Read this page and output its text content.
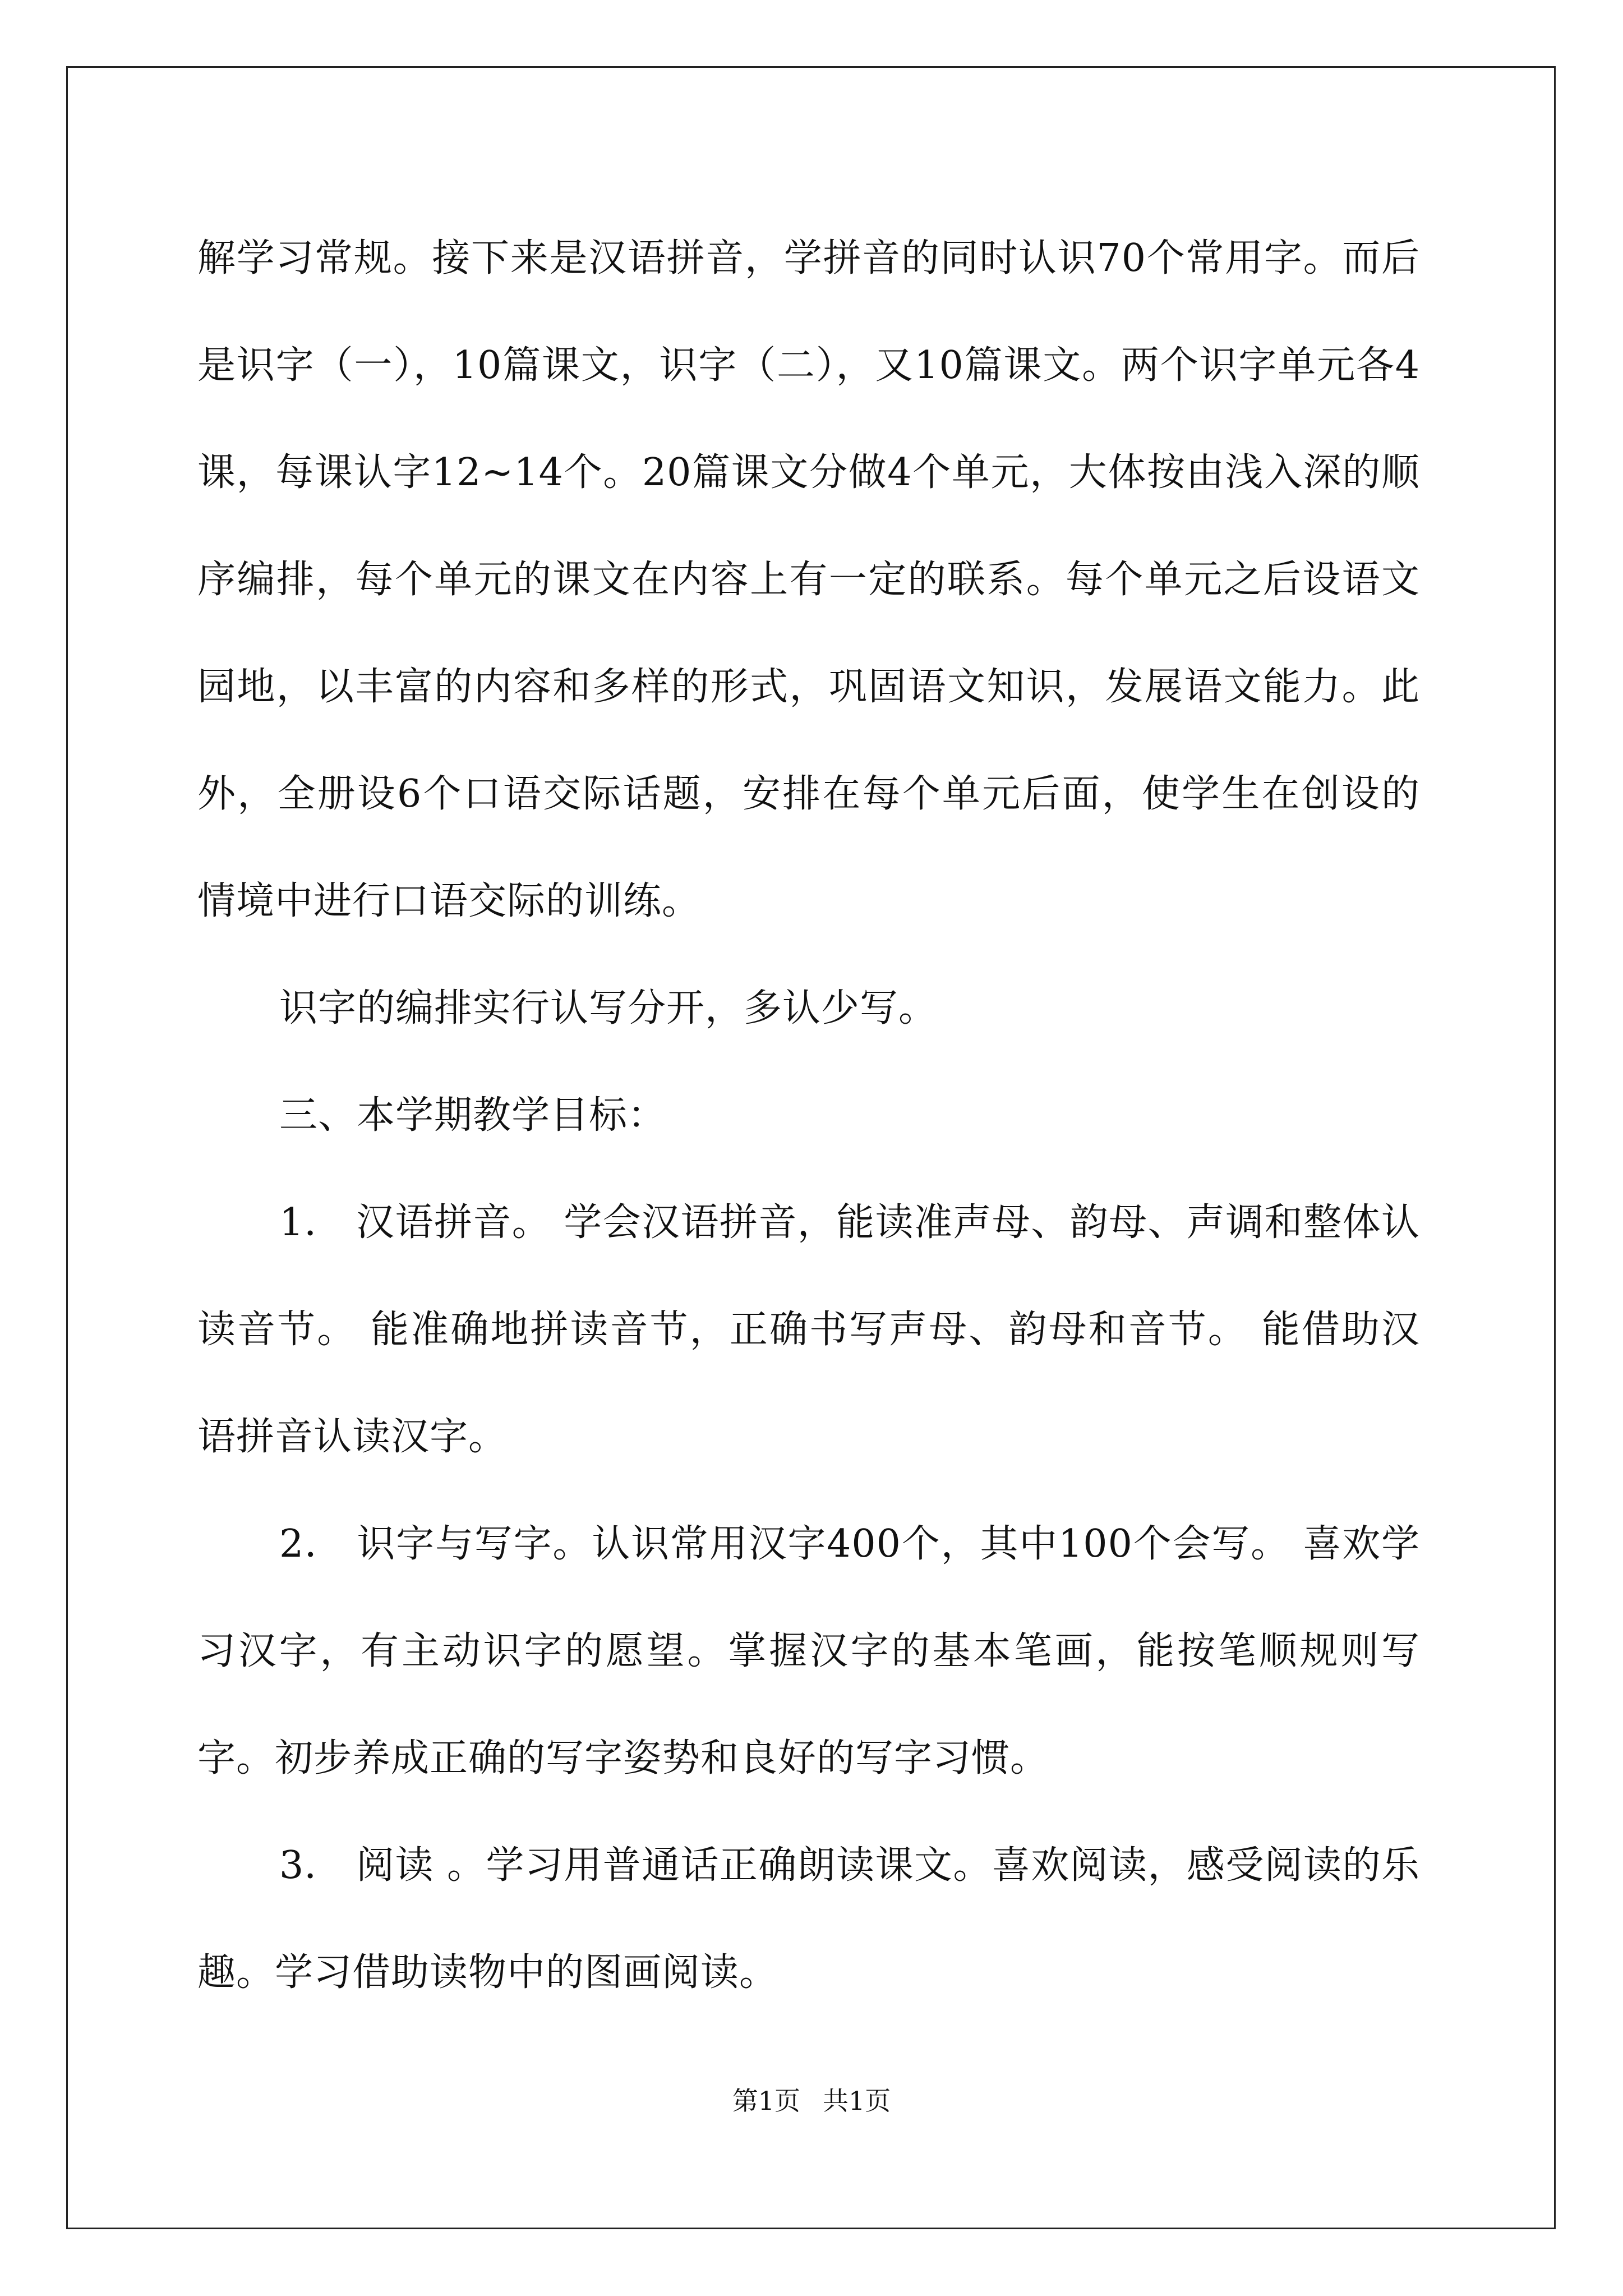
解学习常规。接下来是汉语拼音，学拼音的同时认识70个常用字。而后是识字（一），10篇课文，识字（二），又10篇课文。两个识字单元各4课，每课认字12~14个。20篇课文分做4个单元，大体按由浅入深的顺序编排，每个单元的课文在内容上有一定的联系。每个单元之后设语文园地，以丰富的内容和多样的形式，巩固语文知识，发展语文能力。此外，全册设6个口语交际话题，安排在每个单元后面，使学生在创设的情境中进行口语交际的训练。

识字的编排实行认写分开，多认少写。

三、本学期教学目标：

1． 汉语拼音。 学会汉语拼音，能读准声母、韵母、声调和整体认读音节。 能准确地拼读音节，正确书写声母、韵母和音节。 能借助汉语拼音认读汉字。

2． 识字与写字。认识常用汉字400个，其中100个会写。 喜欢学习汉字，有主动识字的愿望。掌握汉字的基本笔画，能按笔顺规则写字。初步养成正确的写字姿势和良好的写字习惯。

3． 阅读 。学习用普通话正确朗读课文。喜欢阅读，感受阅读的乐趣。学习借助读物中的图画阅读。

第1页 共1页
